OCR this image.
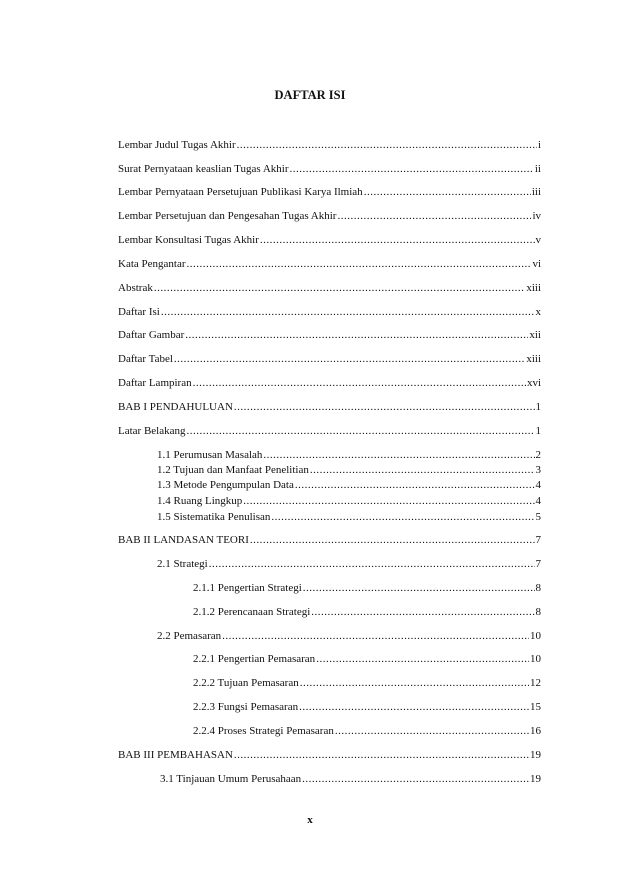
DAFTAR ISI
Lembar Judul Tugas Akhir .....	i
Surat Pernyataan keaslian Tugas Akhir .....	ii
Lembar Pernyataan Persetujuan Publikasi Karya Ilmiah .....	iii
Lembar Persetujuan dan Pengesahan Tugas Akhir .....	iv
Lembar Konsultasi Tugas Akhir .....	v
Kata Pengantar .....	vi
Abstrak .....	xiii
Daftar Isi .....	x
Daftar Gambar .....	xii
Daftar Tabel .....	xiii
Daftar Lampiran .....	xvi
BAB I PENDAHULUAN .....	1
Latar Belakang .....	1
1.1 Perumusan Masalah .....	2
1.2 Tujuan dan Manfaat Penelitian .....	3
1.3 Metode Pengumpulan Data .....	4
1.4 Ruang Lingkup .....	4
1.5 Sistematika Penulisan .....	5
BAB II LANDASAN TEORI .....	7
2.1 Strategi .....	7
2.1.1 Pengertian Strategi .....	8
2.1.2 Perencanaan Strategi .....	8
2.2 Pemasaran .....	10
2.2.1 Pengertian Pemasaran .....	10
2.2.2 Tujuan Pemasaran .....	12
2.2.3 Fungsi Pemasaran .....	15
2.2.4 Proses Strategi Pemasaran .....	16
BAB III PEMBAHASAN .....	19
3.1 Tinjauan Umum Perusahaan .....	19
x
